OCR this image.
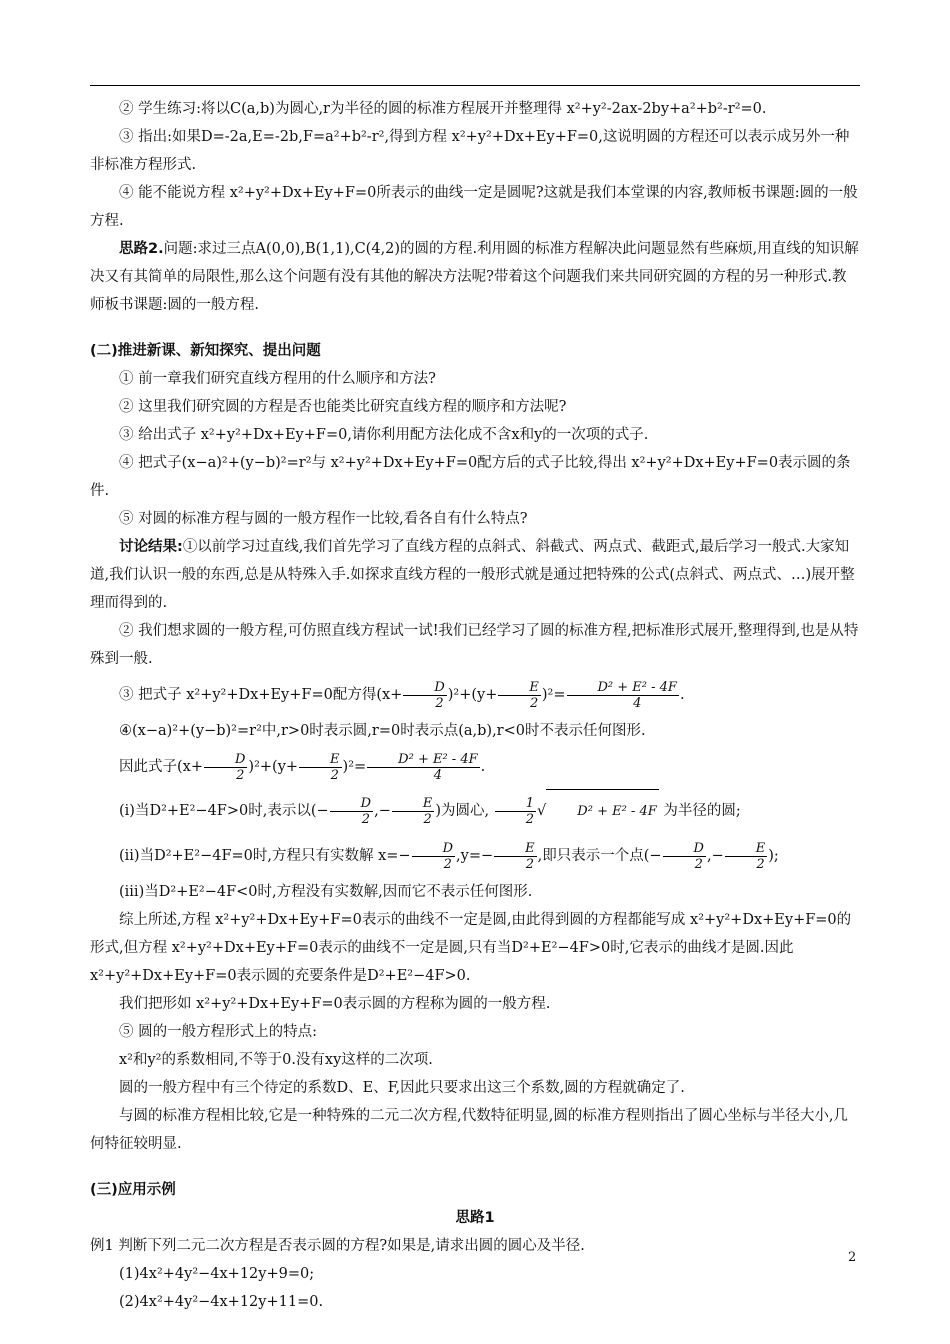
② 学生练习:将以C(a,b)为圆心,r为半径的圆的标准方程展开并整理得 x²+y²-2ax-2by+a²+b²-r²=0.

③ 指出:如果D=-2a,E=-2b,F=a²+b²-r²,得到方程 x²+y²+Dx+Ey+F=0,这说明圆的方程还可以表示成另外一种非标准方程形式.

④ 能不能说方程 x²+y²+Dx+Ey+F=0所表示的曲线一定是圆呢?这就是我们本堂课的内容,教师板书课题:圆的一般方程.

思路2.问题:求过三点A(0,0),B(1,1),C(4,2)的圆的方程.利用圆的标准方程解决此问题显然有些麻烦,用直线的知识解决又有其简单的局限性,那么这个问题有没有其他的解决方法呢?带着这个问题我们来共同研究圆的方程的另一种形式.教师板书课题:圆的一般方程.

(二)推进新课、新知探究、提出问题

① 前一章我们研究直线方程用的什么顺序和方法?

② 这里我们研究圆的方程是否也能类比研究直线方程的顺序和方法呢?

③ 给出式子 x²+y²+Dx+Ey+F=0,请你利用配方法化成不含x和y的一次项的式子.

④ 把式子(x−a)²+(y−b)²=r²与 x²+y²+Dx+Ey+F=0配方后的式子比较,得出 x²+y²+Dx+Ey+F=0表示圆的条件.

⑤ 对圆的标准方程与圆的一般方程作一比较,看各自有什么特点?

讨论结果:①以前学习过直线,我们首先学习了直线方程的点斜式、斜截式、两点式、截距式,最后学习一般式.大家知道,我们认识一般的东西,总是从特殊入手.如探求直线方程的一般形式就是通过把特殊的公式(点斜式、两点式、…)展开整理而得到的.

② 我们想求圆的一般方程,可仿照直线方程试一试!我们已经学习了圆的标准方程,把标准形式展开,整理得到,也是从特殊到一般.

③ 把式子 x²+y²+Dx+Ey+F=0配方得$(x+ \frac{D}{2} )^2+(y+ \frac{E}{2} )^2= \frac{\text{D² + E² - 4F}}{4}$ .

④(x−a)²+(y−b)²=r²中,r>0时表示圆,r=0时表示点(a,b),r<0时不表示任何图形.

因此式子$(x+ \frac{D}{2} )^2+(y+ \frac{E}{2} )^2= \frac{\text{D² + E² - 4F}}{4}$ .

(i)当D²+E²−4F>0时,表示以(− $\frac{D}{2}$ ,− $\frac{E}{2}$ )为圆心, $\frac{1}{2}$ √ D² + E² - 4F 为半径的圆;

(ii)当D²+E²−4F=0时,方程只有实数解 $x=- \frac{D}{2} ,y=- \frac{E}{2}$ ,即只表示一个点(− $\frac{D}{2}$ ,− $\frac{E}{2}$ );

(iii)当D²+E²−4F<0时,方程没有实数解,因而它不表示任何图形.

综上所述,方程 x²+y²+Dx+Ey+F=0表示的曲线不一定是圆,由此得到圆的方程都能写成 x²+y²+Dx+Ey+F=0的形式,但方程 x²+y²+Dx+Ey+F=0表示的曲线不一定是圆,只有当D²+E²−4F>0时,它表示的曲线才是圆.因此 x²+y²+Dx+Ey+F=0表示圆的充要条件是D²+E²−4F>0.

我们把形如 x²+y²+Dx+Ey+F=0表示圆的方程称为圆的一般方程.

⑤ 圆的一般方程形式上的特点:

x²和y²的系数相同,不等于0.没有xy这样的二次项.

圆的一般方程中有三个待定的系数D、E、F,因此只要求出这三个系数,圆的方程就确定了.

与圆的标准方程相比较,它是一种特殊的二元二次方程,代数特征明显,圆的标准方程则指出了圆心坐标与半径大小,几何特征较明显.

(三)应用示例

思路1

例1 判断下列二元二次方程是否表示圆的方程?如果是,请求出圆的圆心及半径.

(1)4x²+4y²−4x+12y+9=0;

(2)4x²+4y²−4x+12y+11=0.

2
